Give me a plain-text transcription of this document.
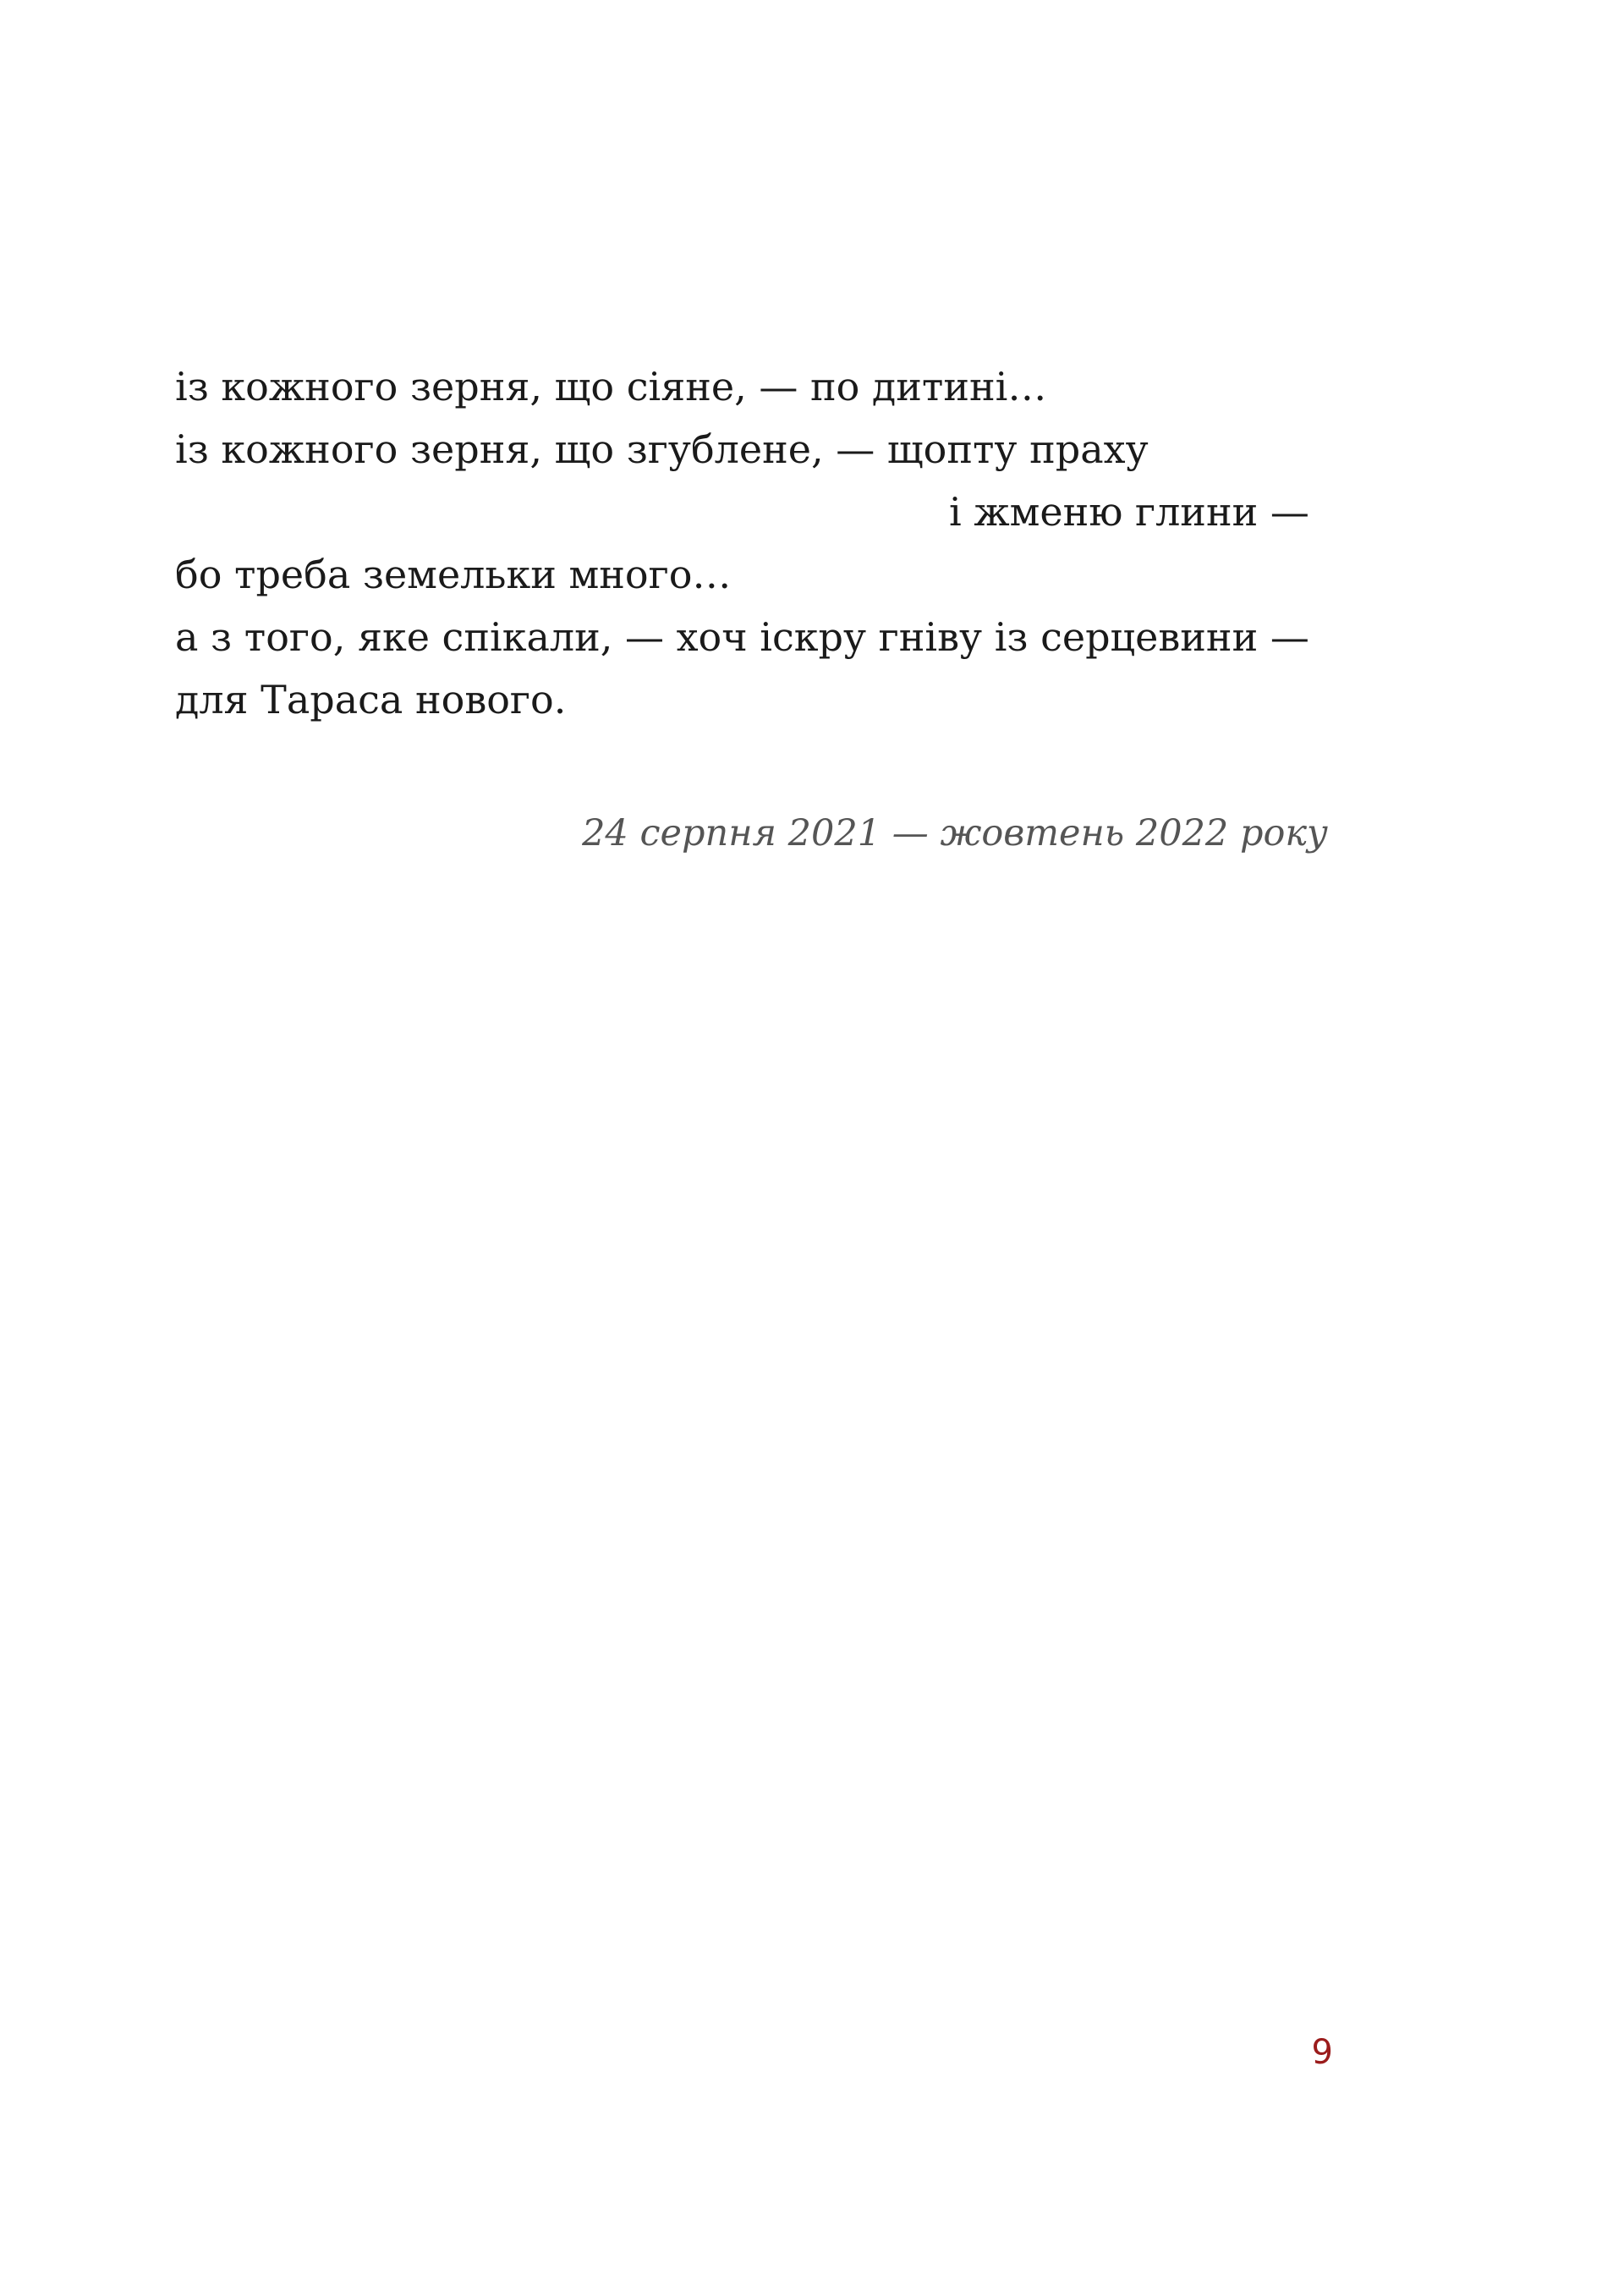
із кожного зерня, що сіяне, — по дитині…
із кожного зерня, що згублене, — щопту праху
і жменю глини —
бо треба земельки много…
а з того, яке спікали, — хоч іскру гніву із серцевини —
для Тараса нового.
24 серпня 2021 — жовтень 2022 року
9
